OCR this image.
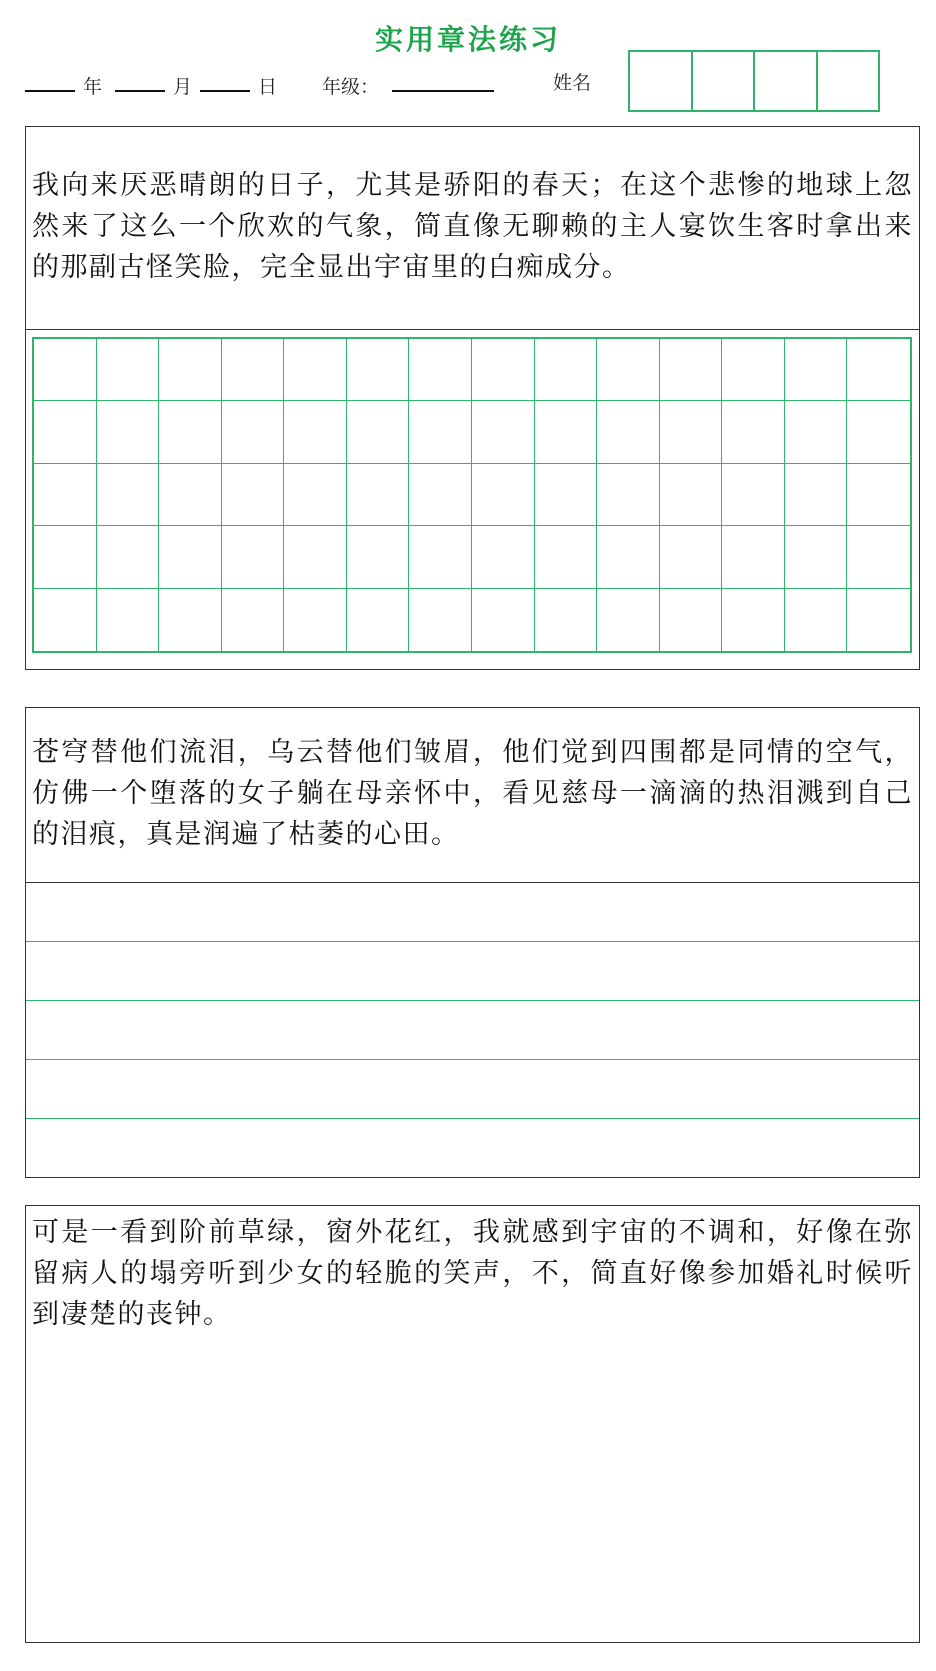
实用章法练习
年	月	日 年级：	姓名
我向来厌恶晴朗的日子，尤其是骄阳的春天；在这个悲惨的地球上忽然来了这么一个欣欢的气象，简直像无聊赖的主人宴饮生客时拿出来的那副古怪笑脸，完全显出宇宙里的白痴成分。
苍穹替他们流泪，乌云替他们皱眉，他们觉到四围都是同情的空气，仿佛一个堕落的女子躺在母亲怀中，看见慈母一滴滴的热泪溅到自己的泪痕，真是润遍了枯萎的心田。
可是一看到阶前草绿，窗外花红，我就感到宇宙的不调和，好像在弥留病人的塌旁听到少女的轻脆的笑声，不，简直好像参加婚礼时候听到凄楚的丧钟。
